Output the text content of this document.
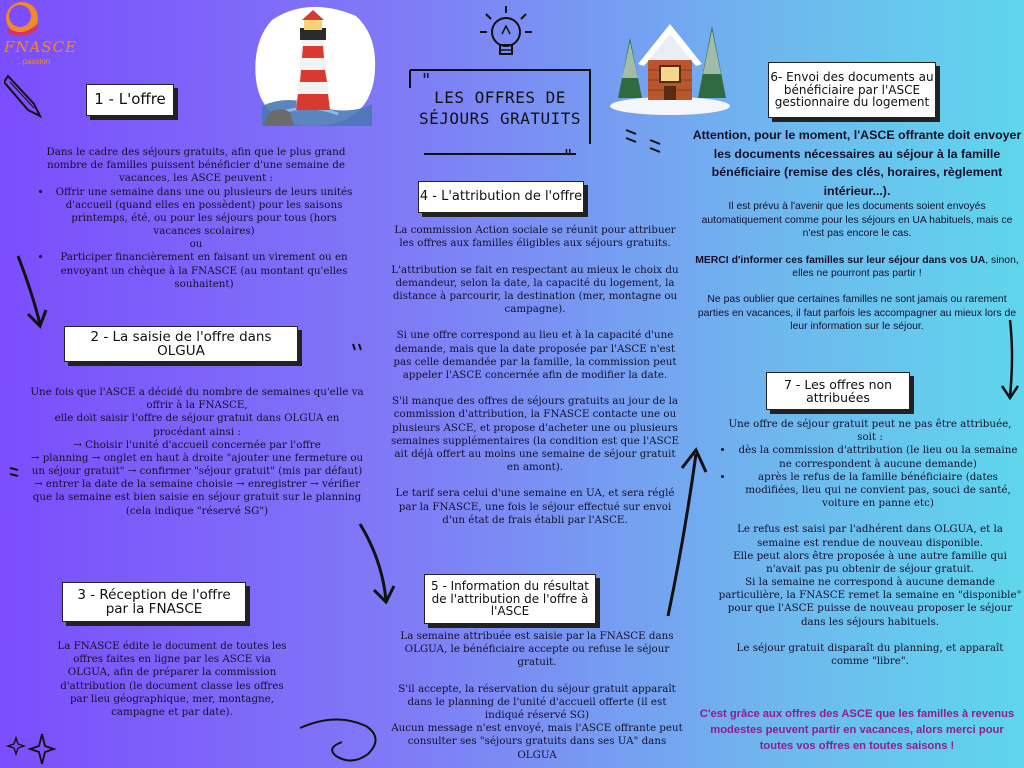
FNASCE
...passion
"
"
LES OFFRES DE
SÉJOURS GRATUITS
1 - L'offre

Dans le cadre des séjours gratuits, afin que le plus grand nombre de familles puissent bénéficier d'une semaine de vacances, les ASCE peuvent :

• Offrir une semaine dans une ou plusieurs de leurs unités d'accueil (quand elles en possèdent) pour les saisons printemps, été, ou pour les séjours pour tous (hors vacances scolaires)

ou

• Participer financièrement en faisant un virement ou en envoyant un chèque à la FNASCE (au montant qu'elles souhaitent)
2 - La saisie de l'offre dans OLGUA

Une fois que l'ASCE a décidé du nombre de semaines qu'elle va offrir à la FNASCE,

elle doit saisir l'offre de séjour gratuit dans OLGUA en procédant ainsi :

→ Choisir l'unité d'accueil concernée par l'offre

→ planning → onglet en haut à droite "ajouter une fermeture ou un séjour gratuit" → confirmer "séjour gratuit" (mis par défaut) → entrer la date de la semaine choisie → enregistrer → vérifier que la semaine est bien saisie en séjour gratuit sur le planning (cela indique "réservé SG")

3 - Réception de l'offre
par la FNASCE

La FNASCE édite le document de toutes les offres faites en ligne par les ASCE via OLGUA, afin de préparer la commission d'attribution (le document classe les offres par lieu géographique, mer, montagne, campagne et par date).

4 - L'attribution de l'offre

La commission Action sociale se réunit pour attribuer les offres aux familles éligibles aux séjours gratuits.

L'attribution se fait en respectant au mieux le choix du demandeur, selon la date, la capacité du logement, la distance à parcourir, la destination (mer, montagne ou campagne).

Si une offre correspond au lieu et à la capacité d'une demande, mais que la date proposée par l'ASCE n'est pas celle demandée par la famille, la commission peut appeler l'ASCE concernée afin de modifier la date.

S'il manque des offres de séjours gratuits au jour de la commission d'attribution, la FNASCE contacte une ou plusieurs ASCE, et propose d'acheter une ou plusieurs semaines supplémentaires (la condition est que l'ASCE ait déjà offert au moins une semaine de séjour gratuit en amont).

Le tarif sera celui d'une semaine en UA, et sera réglé par la FNASCE, une fois le séjour effectué sur envoi d'un état de frais établi par l'ASCE.

5 - Information du résultat
de l'attribution de l'offre à
l'ASCE

La semaine attribuée est saisie par la FNASCE dans OLGUA, le bénéficiaire accepte ou refuse le séjour gratuit.

S'il accepte, la réservation du séjour gratuit apparaît dans le planning de l'unité d'accueil offerte (il est indiqué réservé SG)

Aucun message n'est envoyé, mais l'ASCE offrante peut consulter ses "séjours gratuits dans ses UA" dans OLGUA

6- Envoi des documents au
bénéficiaire par l'ASCE
gestionnaire du logement

Attention, pour le moment, l'ASCE offrante doit envoyer les documents nécessaires au séjour à la famille bénéficiaire (remise des clés, horaires, règlement intérieur...).

Il est prévu à l'avenir que les documents soient envoyés automatiquement comme pour les séjours en UA habituels, mais ce n'est pas encore le cas.

MERCI d'informer ces familles sur leur séjour dans vos UA, sinon, elles ne pourront pas partir !

Ne pas oublier que certaines familles ne sont jamais ou rarement parties en vacances, il faut parfois les accompagner au mieux lors de leur information sur le séjour.

7 - Les offres non
attribuées

Une offre de séjour gratuit peut ne pas être attribuée, soit :

• dès la commission d'attribution (le lieu ou la semaine ne correspondent à aucune demande)
• après le refus de la famille bénéficiaire (dates modifiées, lieu qui ne convient pas, souci de santé, voiture en panne etc)

Le refus est saisi par l'adhérent dans OLGUA, et la semaine est rendue de nouveau disponible.

Elle peut alors être proposée à une autre famille qui n'avait pas pu obtenir de séjour gratuit.

Si la semaine ne correspond à aucune demande particulière, la FNASCE remet la semaine en "disponible" pour que l'ASCE puisse de nouveau proposer le séjour dans les séjours habituels.

Le séjour gratuit disparaît du planning, et apparaît comme "libre".

C'est grâce aux offres des ASCE que les familles à revenus modestes peuvent partir en vacances, alors merci pour toutes vos offres en toutes saisons !
